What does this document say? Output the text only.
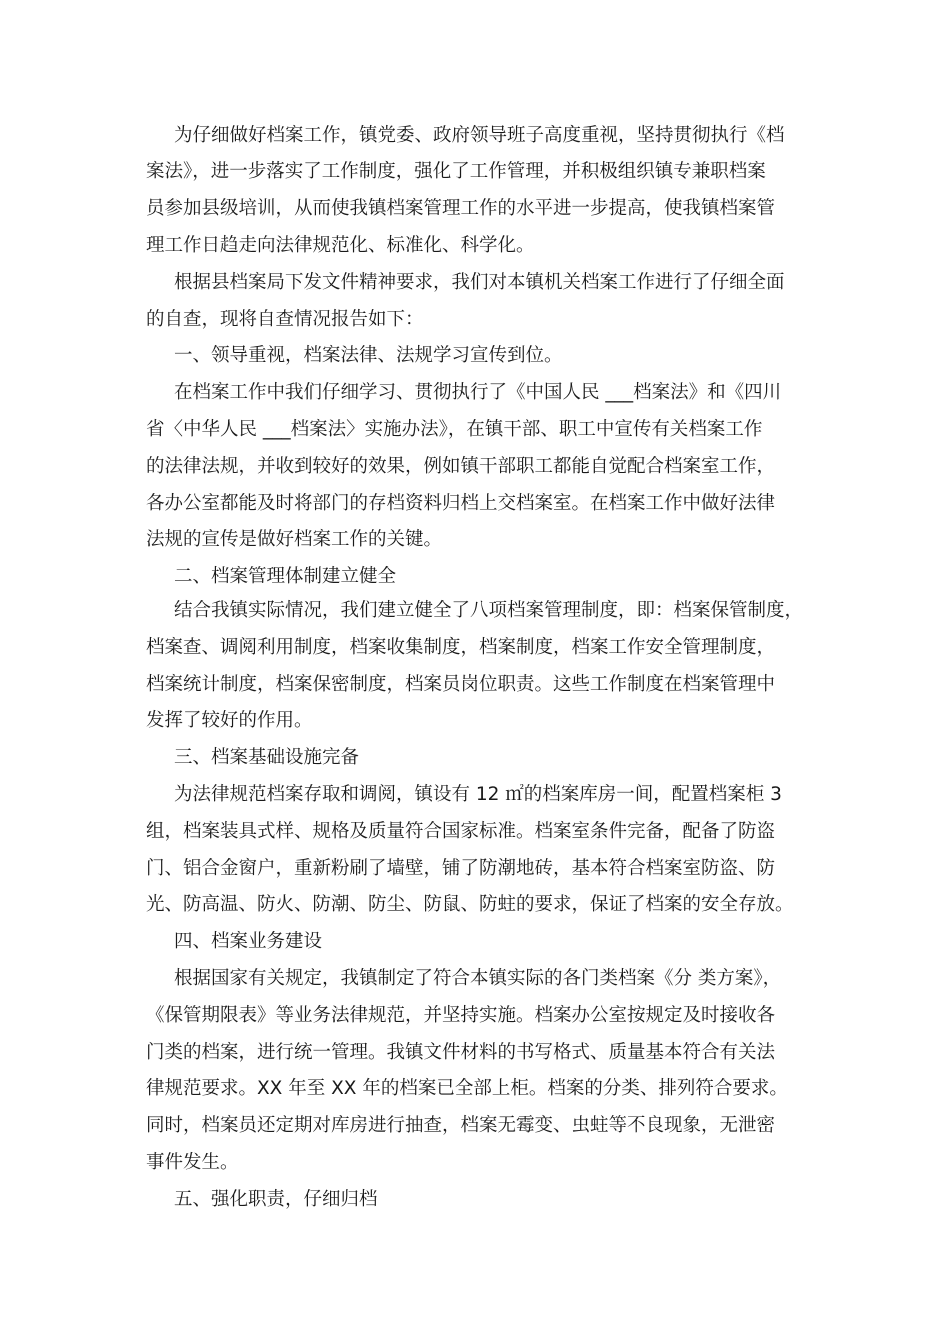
为仔细做好档案工作，镇党委、政府领导班子高度重视，坚持贯彻执行《档
案法》，进一步落实了工作制度，强化了工作管理，并积极组织镇专兼职档案
员参加县级培训，从而使我镇档案管理工作的水平进一步提高，使我镇档案管
理工作日趋走向法律规范化、标准化、科学化。
根据县档案局下发文件精神要求，我们对本镇机关档案工作进行了仔细全面
的自查，现将自查情况报告如下：
一、领导重视，档案法律、法规学习宣传到位。
在档案工作中我们仔细学习、贯彻执行了《中国人民 ___档案法》和《四川
省〈中华人民 ___档案法〉实施办法》，在镇干部、职工中宣传有关档案工作
的法律法规，并收到较好的效果，例如镇干部职工都能自觉配合档案室工作，
各办公室都能及时将部门的存档资料归档上交档案室。在档案工作中做好法律
法规的宣传是做好档案工作的关键。
二、档案管理体制建立健全
结合我镇实际情况，我们建立健全了八项档案管理制度，即：档案保管制度，
档案查、调阅利用制度，档案收集制度，档案制度，档案工作安全管理制度，
档案统计制度，档案保密制度，档案员岗位职责。这些工作制度在档案管理中
发挥了较好的作用。
三、档案基础设施完备
为法律规范档案存取和调阅，镇设有 12 ㎡的档案库房一间，配置档案柜 3
组，档案装具式样、规格及质量符合国家标准。档案室条件完备，配备了防盗
门、铝合金窗户，重新粉刷了墙壁，铺了防潮地砖，基本符合档案室防盗、防
光、防高温、防火、防潮、防尘、防鼠、防蛀的要求，保证了档案的安全存放。
四、档案业务建设
根据国家有关规定，我镇制定了符合本镇实际的各门类档案《分 类方案》，
《保管期限表》等业务法律规范，并坚持实施。档案办公室按规定及时接收各
门类的档案，进行统一管理。我镇文件材料的书写格式、质量基本符合有关法
律规范要求。XX 年至 XX 年的档案已全部上柜。档案的分类、排列符合要求。
同时，档案员还定期对库房进行抽查，档案无霉变、虫蛀等不良现象，无泄密
事件发生。
五、强化职责，仔细归档
